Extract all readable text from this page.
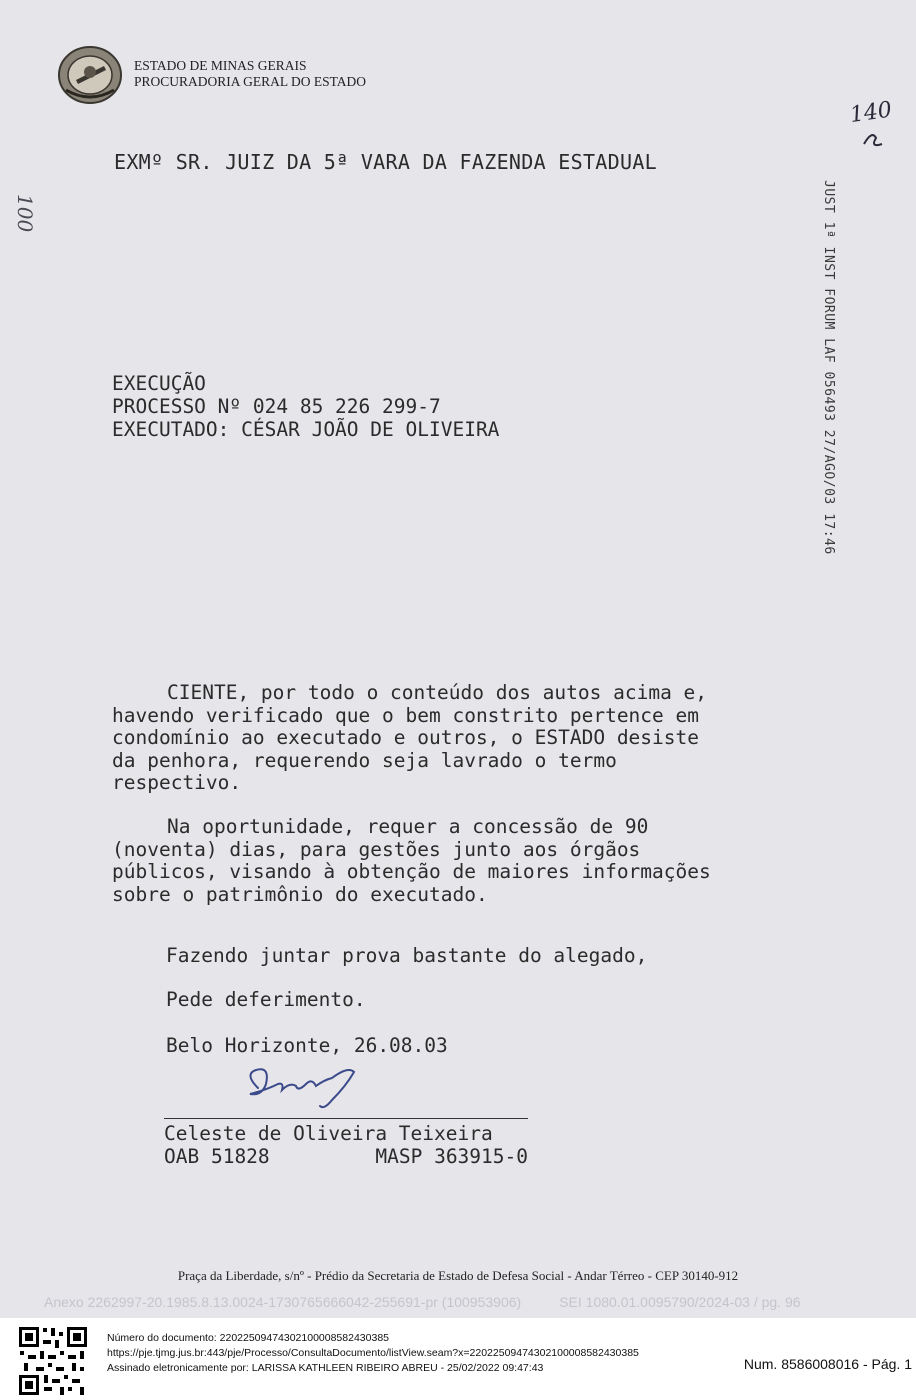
ESTADO DE MINAS GERAIS
PROCURADORIA GERAL DO ESTADO
140
100
EXMº SR. JUIZ DA 5ª VARA DA FAZENDA ESTADUAL
JUST 1ª INST FORUM LAF 056493 27/AGO/03 17:46
EXECUÇÃO
PROCESSO Nº 024 85 226 299-7
EXECUTADO: CÉSAR JOÃO DE OLIVEIRA
CIENTE, por todo o conteúdo dos autos acima e,
havendo verificado que o bem constrito pertence em
condomínio ao executado e outros, o ESTADO desiste
da penhora, requerendo seja lavrado o termo
respectivo.
Na oportunidade, requer a concessão de 90
(noventa) dias, para gestões junto aos órgãos
públicos, visando à obtenção de maiores informações
sobre o patrimônio do executado.
Fazendo juntar prova bastante do alegado,
Pede deferimento.
Belo Horizonte, 26.08.03
Celeste de Oliveira Teixeira
OAB 51828	MASP 363915-0
Praça da Liberdade, s/nº - Prédio da Secretaria de Estado de Defesa Social - Andar Térreo - CEP 30140-912
Anexo 2262997-20.1985.8.13.0024-1730765666042-255691-pr (100953906)	SEI 1080.01.0095790/2024-03 / pg. 96
Número do documento: 22022509474302100008582430385
https://pje.tjmg.jus.br:443/pje/Processo/ConsultaDocumento/listView.seam?x=22022509474302100008582430385
Assinado eletronicamente por: LARISSA KATHLEEN RIBEIRO ABREU - 25/02/2022 09:47:43	Num. 8586008016 - Pág. 1
